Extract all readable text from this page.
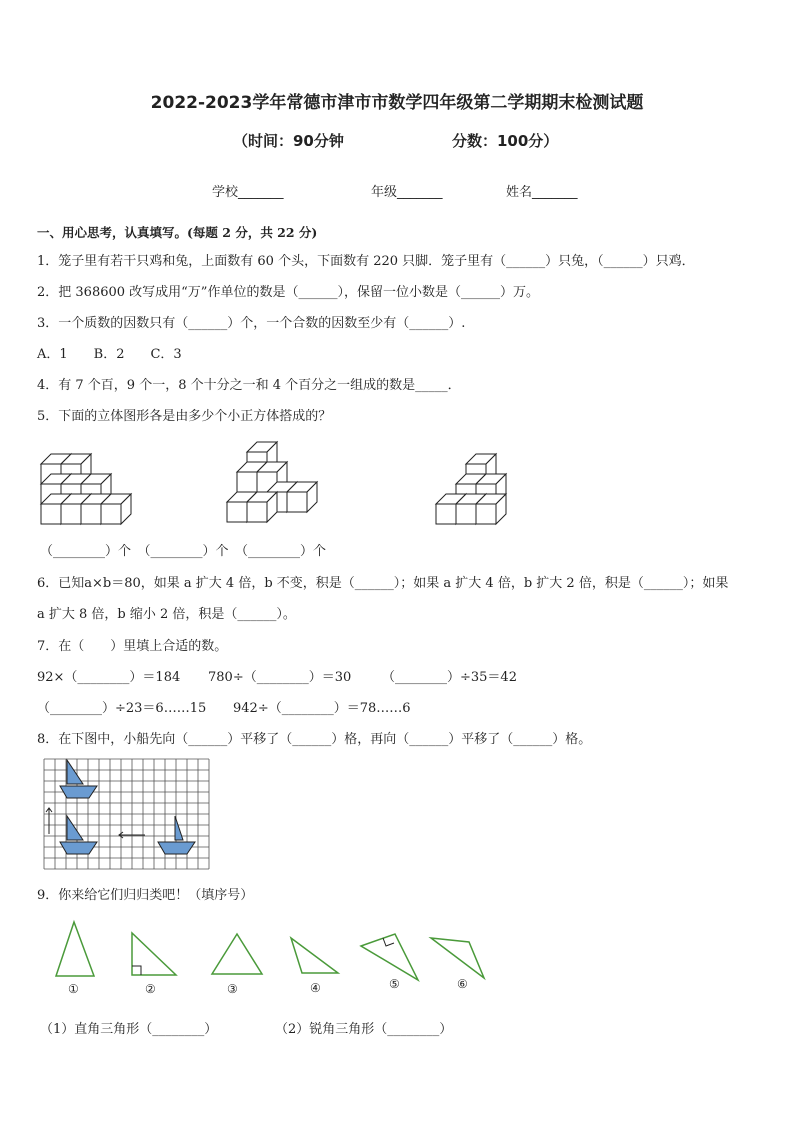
2022-2023学年常德市津市市数学四年级第二学期期末检测试题
（时间：90分钟	分数：100分）
学校_______	年级_______	姓名_______
一、用心思考，认真填写。(每题 2 分，共 22 分)
1．笼子里有若干只鸡和兔，上面数有 60 个头，下面数有 220 只脚．笼子里有（______）只兔，（______）只鸡．
2．把 368600 改写成用“万”作单位的数是（______），保留一位小数是（______）万。
3．一个质数的因数只有（______）个，一个合数的因数至少有（______）.
A．1　　B．2　　C．3
4．有 7 个百，9 个一，8 个十分之一和 4 个百分之一组成的数是_____．
5．下面的立体图形各是由多少个小正方体搭成的？
（________）个　（________）个　（________）个
6．已知a×b＝80，如果 a 扩大 4 倍，b 不变，积是（______）；如果 a 扩大 4 倍，b 扩大 2 倍，积是（______）；如果
a 扩大 8 倍，b 缩小 2 倍，积是（______）。
7．在（　　）里填上合适的数。
92×（________）＝184 780÷（________）＝30 （________）÷35＝42
（________）÷23＝6……15 942÷（________）＝78……6
8．在下图中，小船先向（______）平移了（______）格，再向（______）平移了（______）格。
9．你来给它们归归类吧！（填序号）
①	②	③	④	⑤	⑥
（1）直角三角形（________）	（2）锐角三角形（________）
